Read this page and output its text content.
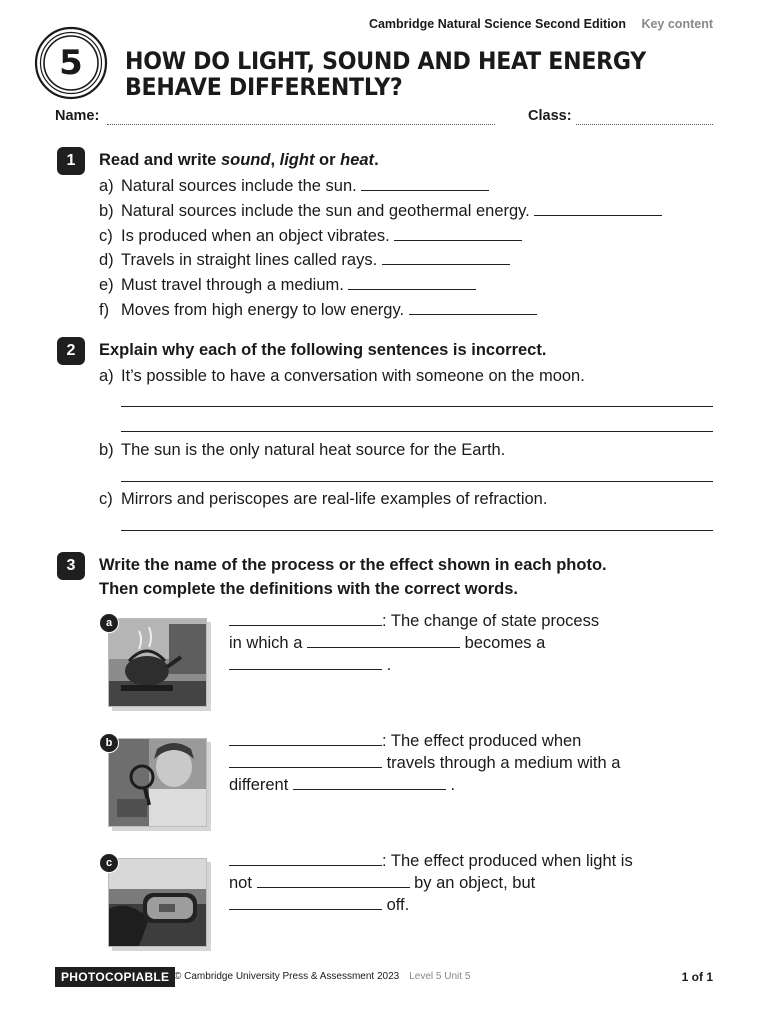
Cambridge Natural Science Second Edition Key content
5	HOW DO LIGHT, SOUND AND HEAT ENERGY
BEHAVE DIFFERENTLY?
Name:	Class:
1	Read and write sound, light or heat.
a) Natural sources include the sun.
b) Natural sources include the sun and geothermal energy.
c) Is produced when an object vibrates.
d) Travels in straight lines called rays.
e) Must travel through a medium.
f) Moves from high energy to low energy.
2	Explain why each of the following sentences is incorrect.
a) It’s possible to have a conversation with someone on the moon.
b) The sun is the only natural heat source for the Earth.
c) Mirrors and periscopes are real-life examples of refraction.
3	Write the name of the process or the effect shown in each photo.
Then complete the definitions with the correct words.
a	: The change of state process
in which a	becomes a
.
b	: The effect produced when
travels through a medium with a
different	.
c	: The effect produced when light is
not	by an object, but
off.
PHOTOCOPIABLE © Cambridge University Press & Assessment 2023 Level 5 Unit 5	1 of 1
